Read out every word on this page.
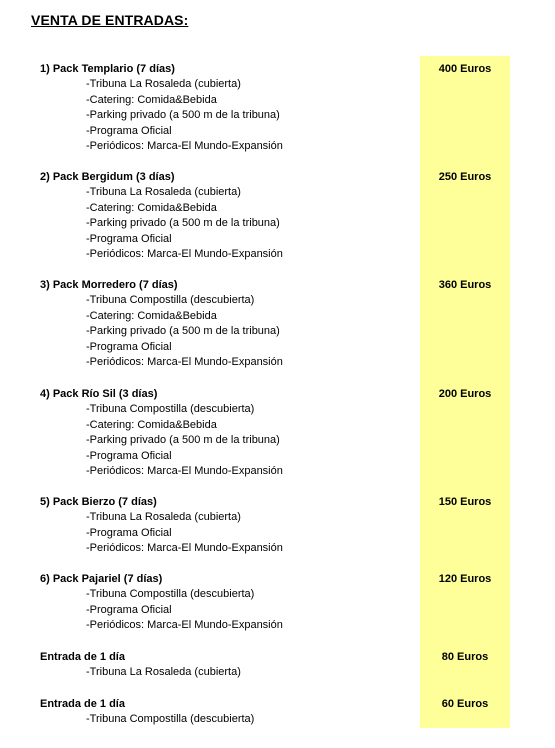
VENTA DE ENTRADAS:
1) Pack Templario (7 días)	400 Euros
-Tribuna La Rosaleda (cubierta)
-Catering: Comida&Bebida
-Parking privado (a 500 m de la tribuna)
-Programa Oficial
-Periódicos: Marca-El Mundo-Expansión
2) Pack Bergidum (3 días)	250 Euros
-Tribuna La Rosaleda (cubierta)
-Catering: Comida&Bebida
-Parking privado (a 500 m de la tribuna)
-Programa Oficial
-Periódicos: Marca-El Mundo-Expansión
3) Pack Morredero (7 días)	360 Euros
-Tribuna Compostilla (descubierta)
-Catering: Comida&Bebida
-Parking privado (a 500 m de la tribuna)
-Programa Oficial
-Periódicos: Marca-El Mundo-Expansión
4) Pack Río Sil (3 días)	200 Euros
-Tribuna Compostilla (descubierta)
-Catering: Comida&Bebida
-Parking privado (a 500 m de la tribuna)
-Programa Oficial
-Periódicos: Marca-El Mundo-Expansión
5) Pack Bierzo (7 días)	150 Euros
-Tribuna La Rosaleda (cubierta)
-Programa Oficial
-Periódicos: Marca-El Mundo-Expansión
6) Pack Pajariel (7 días)	120 Euros
-Tribuna Compostilla (descubierta)
-Programa Oficial
-Periódicos: Marca-El Mundo-Expansión
Entrada de 1 día	80 Euros
-Tribuna La Rosaleda (cubierta)
Entrada de 1 día	60 Euros
-Tribuna Compostilla (descubierta)
